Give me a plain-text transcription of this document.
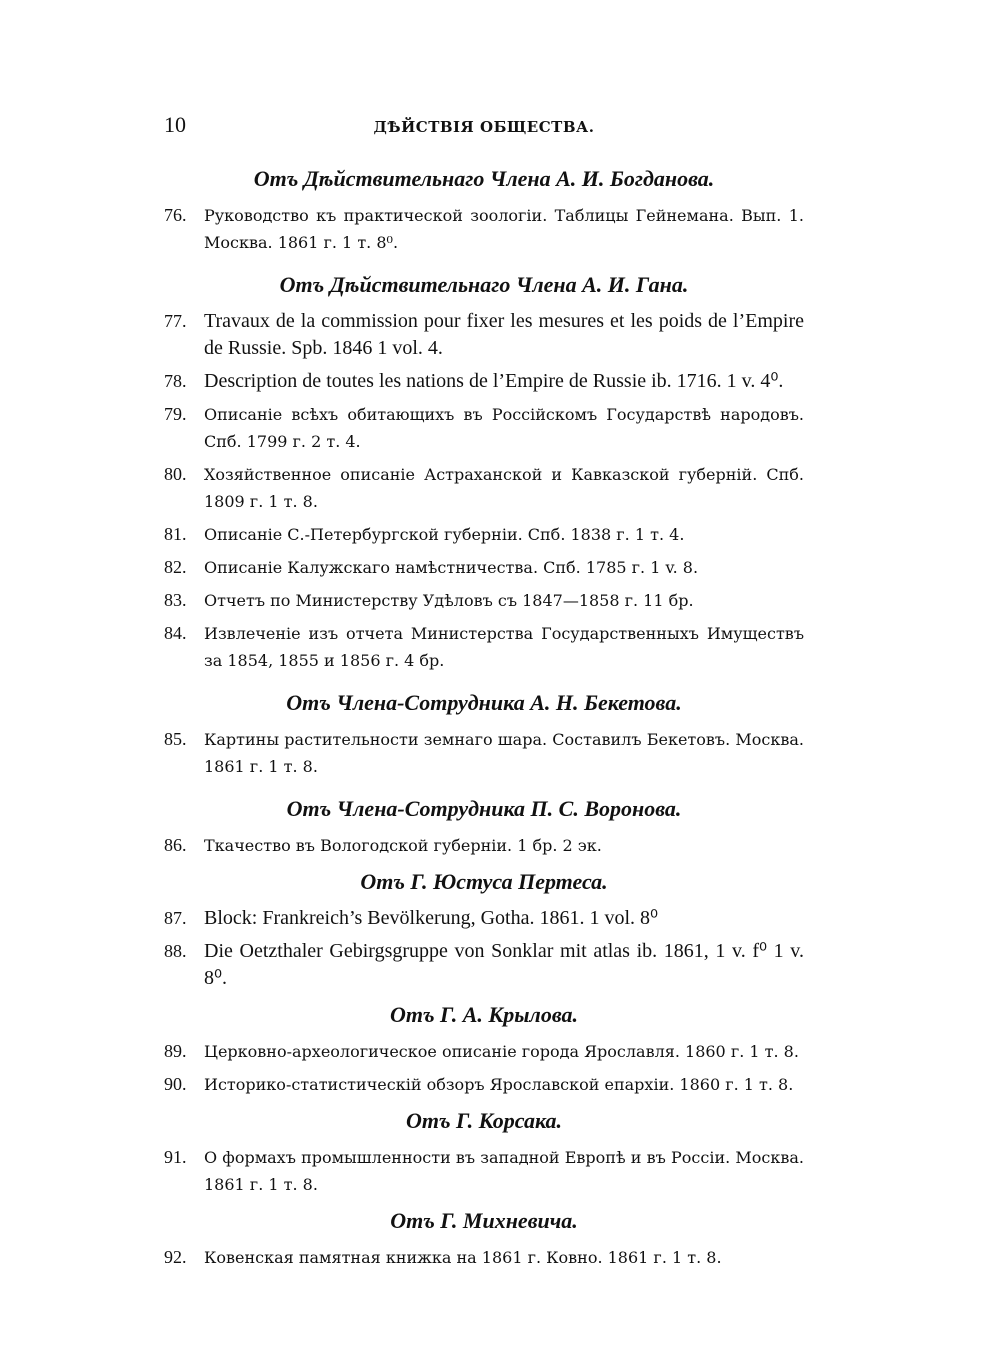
10	ДѢЙСТВІЯ ОБЩЕСТВА.
Отъ Дѣйствительнаго Члена А. И. Богданова.
76. Руководство къ практической зоологіи. Таблицы Гейнемана. Вып. 1. Москва. 1861 г. 1 т. 8⁰.
Отъ Дѣйствительнаго Члена А. И. Гана.
77. Travaux de la commission pour fixer les mesures et les poids de l’Empire de Russie. Spb. 1846 1 vol. 4.
78. Description de toutes les nations de l’Empire de Russie ib. 1716. 1 v. 4⁰.
79. Описаніе всѣхъ обитающихъ въ Россійскомъ Государствѣ народовъ. Спб. 1799 г. 2 т. 4.
80. Хозяйственное описаніе Астраханской и Кавказской губерній. Спб. 1809 г. 1 т. 8.
81. Описаніе С.-Петербургской губерніи. Спб. 1838 г. 1 т. 4.
82. Описаніе Калужскаго намѣстничества. Спб. 1785 г. 1 v. 8.
83. Отчетъ по Министерству Удѣловъ съ 1847—1858 г. 11 бр.
84. Извлеченіе изъ отчета Министерства Государственныхъ Имуществъ за 1854, 1855 и 1856 г. 4 бр.
Отъ Члена-Сотрудника А. Н. Бекетова.
85. Картины растительности земнаго шара. Составилъ Бекетовъ. Москва. 1861 г. 1 т. 8.
Отъ Члена-Сотрудника П. С. Воронова.
86. Ткачество въ Вологодской губерніи. 1 бр. 2 эк.
Отъ Г. Юстуса Пертеса.
87. Block: Frankreich’s Bevölkerung, Gotha. 1861. 1 vol. 8⁰
88. Die Oetzthaler Gebirgsgruppe von Sonklar mit atlas ib. 1861, 1 v. f⁰ 1 v. 8⁰.
Отъ Г. А. Крылова.
89. Церковно-археологическое описаніе города Ярославля. 1860 г. 1 т. 8.
90. Историко-статистическій обзоръ Ярославской епархіи. 1860 г. 1 т. 8.
Отъ Г. Корсака.
91. О формахъ промышленности въ западной Европѣ и въ Россіи. Москва. 1861 г. 1 т. 8.
Отъ Г. Михневича.
92. Ковенская памятная книжка на 1861 г. Ковно. 1861 г. 1 т. 8.
